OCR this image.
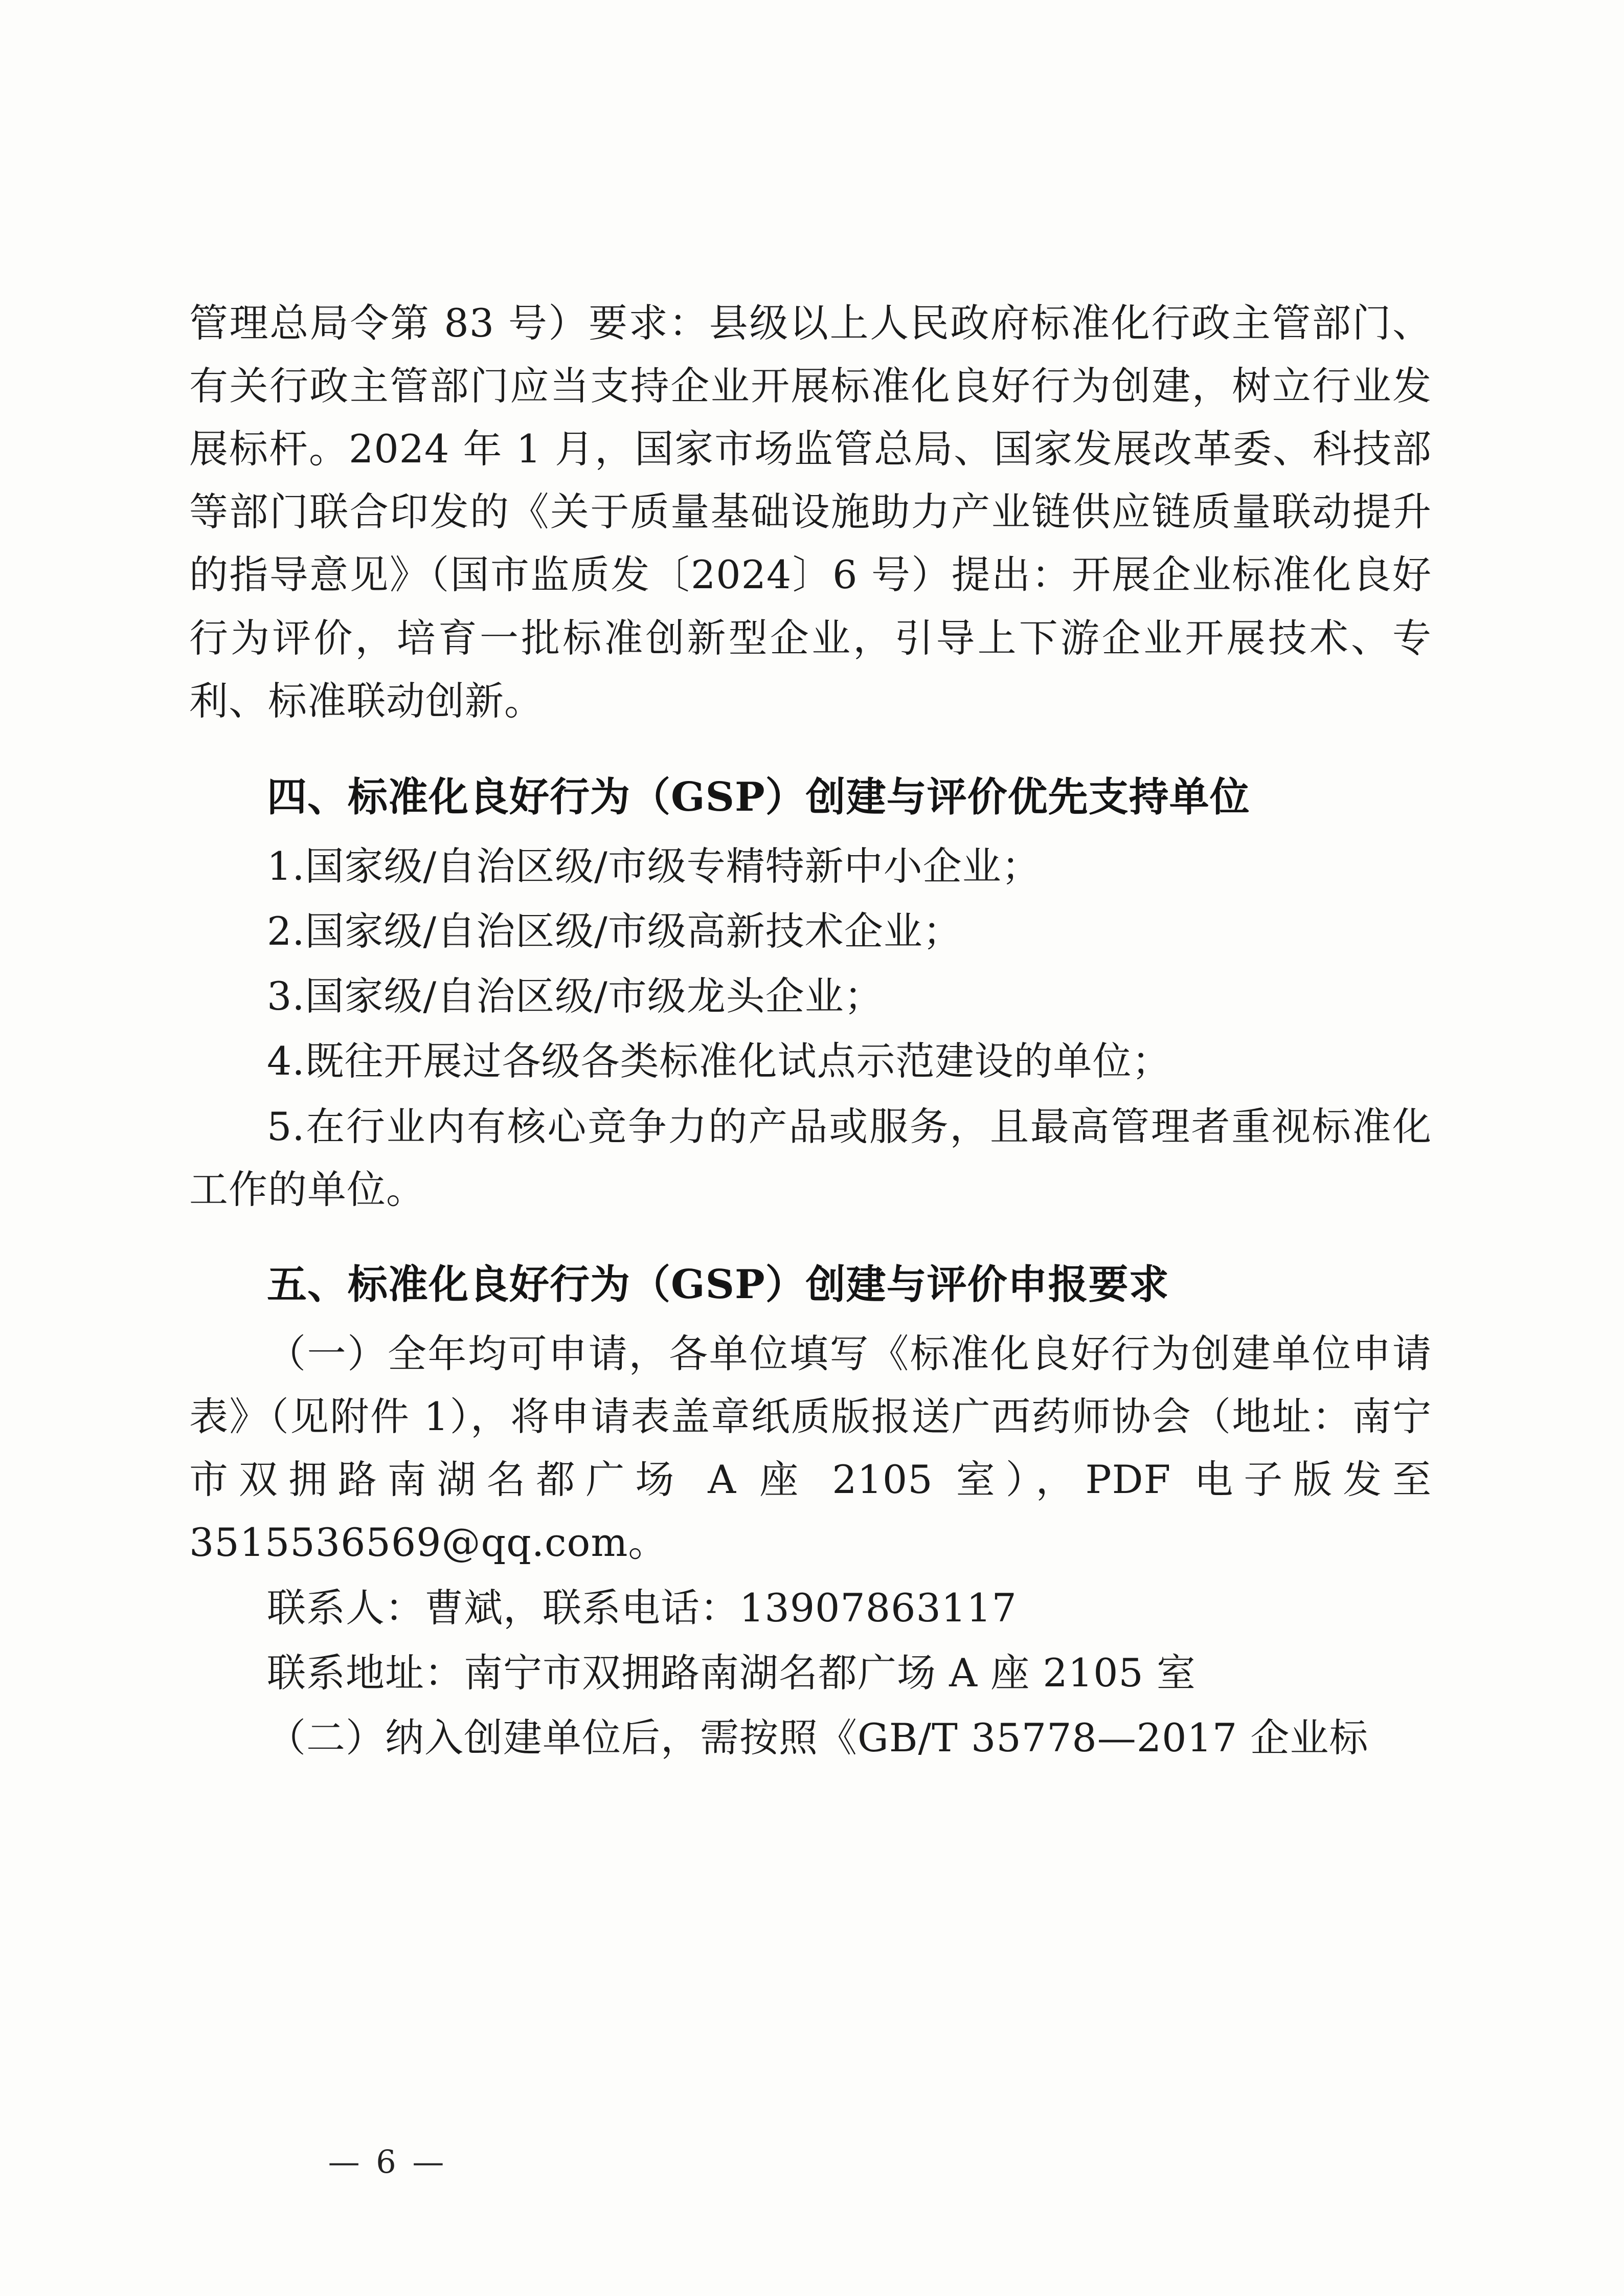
管理总局令第 83 号）要求：县级以上人民政府标准化行政主管部门、有关行政主管部门应当支持企业开展标准化良好行为创建，树立行业发展标杆。2024 年 1 月，国家市场监管总局、国家发展改革委、科技部等部门联合印发的《关于质量基础设施助力产业链供应链质量联动提升的指导意见》（国市监质发〔2024〕6 号）提出：开展企业标准化良好行为评价，培育一批标准创新型企业，引导上下游企业开展技术、专利、标准联动创新。

四、标准化良好行为（GSP）创建与评价优先支持单位

1.国家级/自治区级/市级专精特新中小企业；

2.国家级/自治区级/市级高新技术企业；

3.国家级/自治区级/市级龙头企业；

4.既往开展过各级各类标准化试点示范建设的单位；

5.在行业内有核心竞争力的产品或服务，且最高管理者重视标准化工作的单位。

五、标准化良好行为（GSP）创建与评价申报要求

（一）全年均可申请，各单位填写《标准化良好行为创建单位申请表》（见附件 1），将申请表盖章纸质版报送广西药师协会（地址：南宁市双拥路南湖名都广场 A 座 2105 室），PDF 电子版发至 3515536569@qq.com。

联系人：曹斌，联系电话：13907863117

联系地址：南宁市双拥路南湖名都广场 A 座 2105 室

（二）纳入创建单位后，需按照《GB/T 35778—2017 企业标

— 6 —
